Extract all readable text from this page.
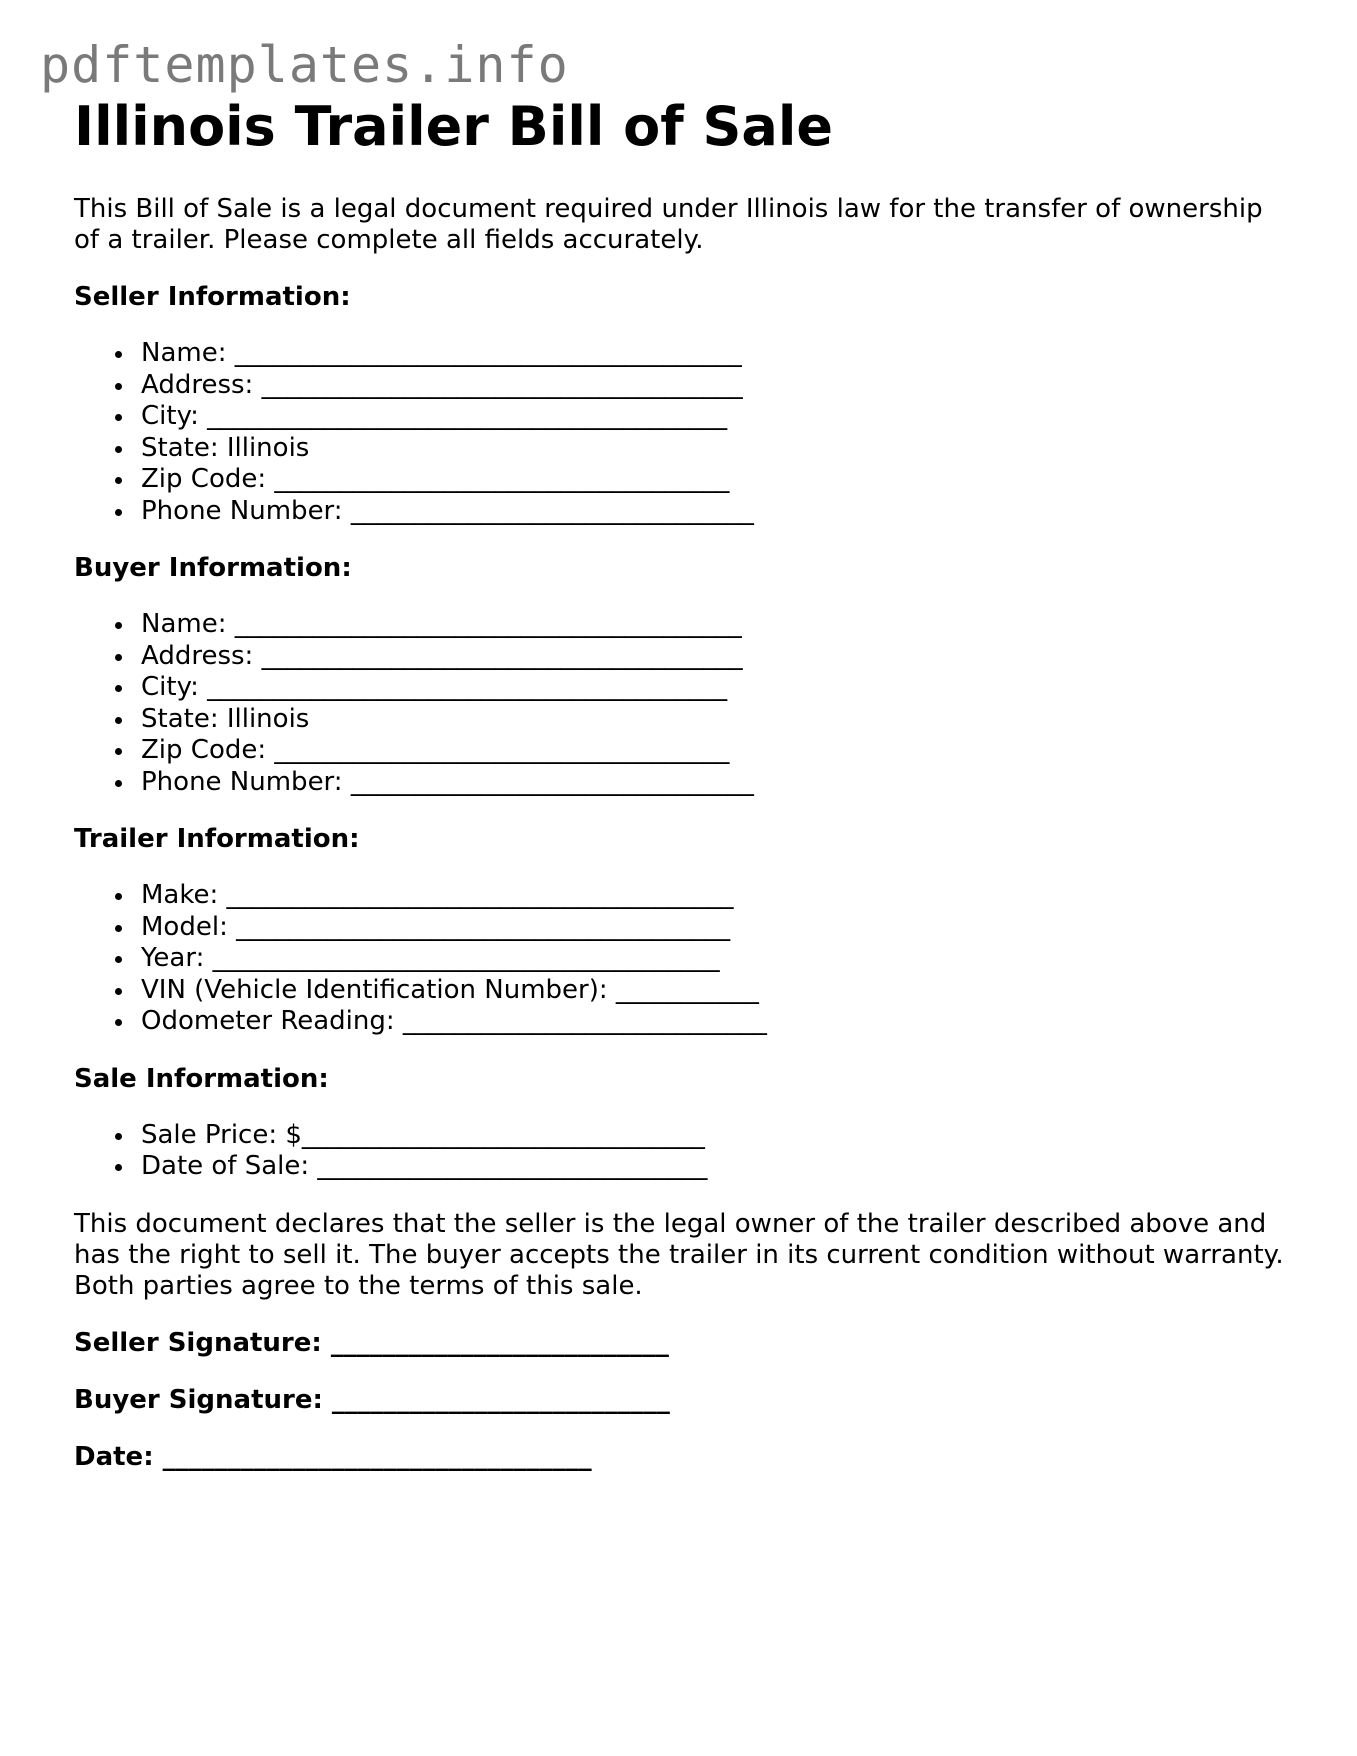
pdftemplates.info
Illinois Trailer Bill of Sale

This Bill of Sale is a legal document required under Illinois law for the transfer of ownership of a trailer. Please complete all fields accurately.

Seller Information:
Name: _______________________________________
Address: _____________________________________
City: ________________________________________
State: Illinois
Zip Code: ___________________________________
Phone Number: _______________________________
Buyer Information:
Name: _______________________________________
Address: _____________________________________
City: ________________________________________
State: Illinois
Zip Code: ___________________________________
Phone Number: _______________________________
Trailer Information:
Make: _______________________________________
Model: ______________________________________
Year: _______________________________________
VIN (Vehicle Identification Number): ___________
Odometer Reading: ____________________________
Sale Information:
Sale Price: $_______________________________
Date of Sale: ______________________________

This document declares that the seller is the legal owner of the trailer described above and has the right to sell it. The buyer accepts the trailer in its current condition without warranty. Both parties agree to the terms of this sale.

Seller Signature: __________________________
Buyer Signature: __________________________
Date: _________________________________
